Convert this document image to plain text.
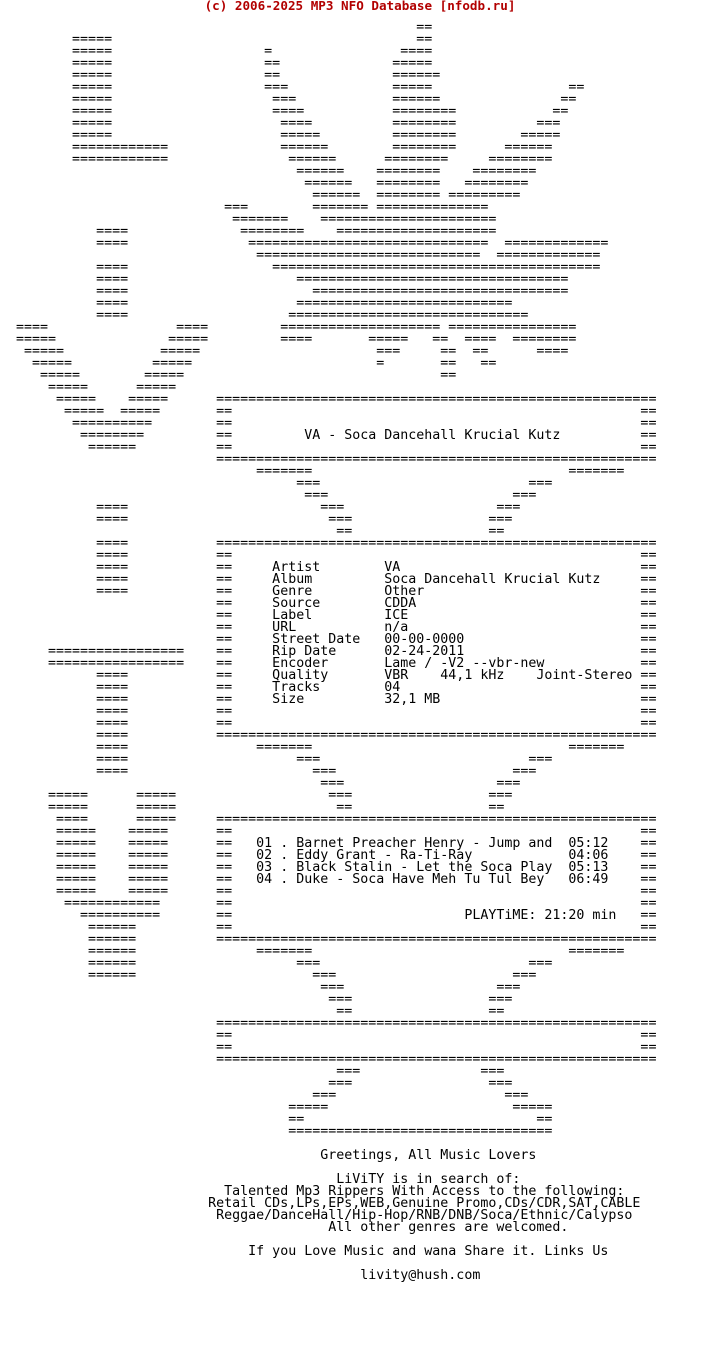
(c) 2006-2025 MP3 NFO Database [nfodb.ru]
==
=====                                      ==
=====                   =                ====
=====                   ==              =====
=====                   ==              ======
=====                   ===             =====                 ==
=====                    ===            ======               ==
=====                    ====           ========            ==
=====                     ====          ========          ===
=====                     =====         ========        =====
============              ======        ========      ======
============               ======      ========     ========
======    ========    ========
======   ========   ========
======  ======== =========
===        ======= ==============
=======    ======================
====              ========    ====================
====               ==============================  =============
============================  =============
====                  =========================================
====                     ==================================
====                       ================================
====                     ===========================
====                    ==============================
====                ====         ==================== ================
=====              =====         ====       =====   ==  ====  ========
=====            =====                      ===     ==  ==      ====
=====          =====                       =       ==   ==
=====        =====                                ==
=====      =====
=====    =====      =======================================================
=====  =====       ==                                                   ==
==========        ==                                                   ==
========         ==         VA - Soca Dancehall Krucial Kutz          ==
======          ==                                                   ==
=======================================================
=======                                =======
===                          ===
===                       ===
====                        ===                   ===
====                         ===                 ===
==                 ==
====           =======================================================
====           ==                                                   ==
====           ==     Artist        VA                              ==
====           ==     Album         Soca Dancehall Krucial Kutz     ==
====           ==     Genre         Other                           ==
==     Source        CDDA                            ==
==     Label         ICE                             ==
==     URL           n/a                             ==
==     Street Date   00-00-0000                      ==
=================    ==     Rip Date      02-24-2011                      ==
=================    ==     Encoder       Lame / -V2 --vbr-new            ==
====           ==     Quality       VBR    44,1 kHz    Joint-Stereo ==
====           ==     Tracks        04                              ==
====           ==     Size          32,1 MB                         ==
====           ==                                                   ==
====           ==                                                   ==
====           =======================================================
====                =======                                =======
====                     ===                          ===
====                       ===                      ===
===                   ===
=====      =====                   ===                 ===
=====      =====                    ==                 ==
====      =====     =======================================================
=====    =====      ==                                                   ==
=====    =====      ==   01 . Barnet Preacher Henry - Jump and  05:12    ==
=====    =====      ==   02 . Eddy Grant - Ra-Ti-Ray            04:06    ==
=====    =====      ==   03 . Black Stalin - Let the Soca Play  05:13    ==
=====    =====      ==   04 . Duke - Soca Have Meh Tu Tul Bey   06:49    ==
=====    =====      ==                                                   ==
============       ==                                                   ==
==========       ==                             PLAYTiME: 21:20 min   ==
======          ==                                                   ==
======          =======================================================
======               =======                                =======
======                    ===                          ===
======                      ===                      ===
===                   ===
===                 ===
==                 ==
=======================================================
==                                                   ==
==                                                   ==
=======================================================
===               ===
===                 ===
===                     ===
=====                       =====
==                             ==
=================================
Greetings, All Music Lovers
LiViTY is in search of:
Talented Mp3 Rippers With Access to the following:
Retail CDs,LPs,EPs,WEB,Genuine Promo,CDs/CDR,SAT,CABLE
Reggae/DanceHall/Hip-Hop/RNB/DNB/Soca/Ethnic/Calypso
All other genres are welcomed.
If you Love Music and wana Share it. Links Us
livity@hush.com
